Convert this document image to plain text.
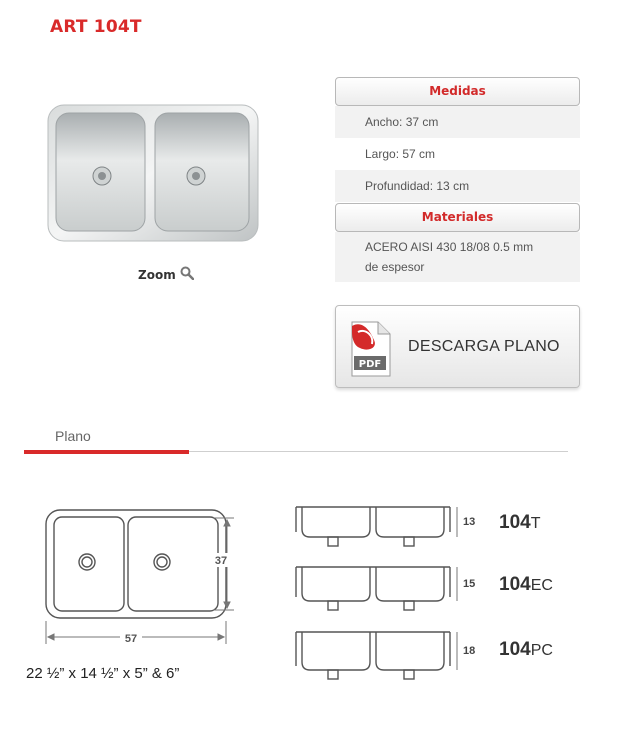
ART 104T
Zoom
Medidas
Ancho: 37 cm
Largo: 57 cm
Profundidad: 13 cm
Materiales
ACERO AISI 430 18/08 0.5 mm
de espesor
PDF
DESCARGA PLANO
Plano
57
37
22 ½” x 14 ½” x 5” & 6”
13 104T
15 104EC
18 104PC
